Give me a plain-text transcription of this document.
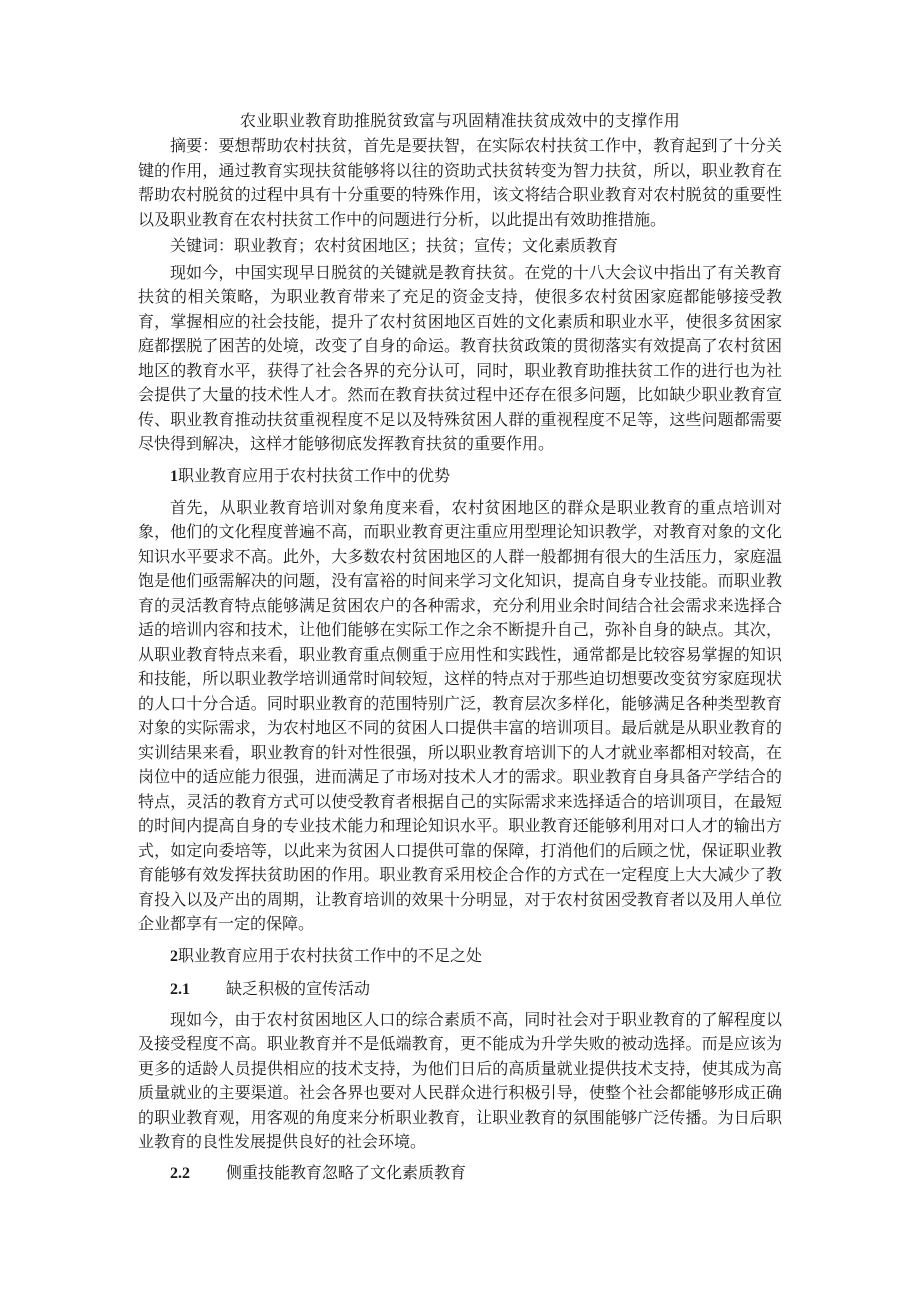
农业职业教育助推脱贫致富与巩固精准扶贫成效中的支撑作用

摘要：要想帮助农村扶贫，首先是要扶智，在实际农村扶贫工作中，教育起到了十分关键的作用，通过教育实现扶贫能够将以往的资助式扶贫转变为智力扶贫，所以，职业教育在帮助农村脱贫的过程中具有十分重要的特殊作用，该文将结合职业教育对农村脱贫的重要性以及职业教育在农村扶贫工作中的问题进行分析，以此提出有效助推措施。

关键词：职业教育；农村贫困地区；扶贫；宣传；文化素质教育

现如今，中国实现早日脱贫的关键就是教育扶贫。在党的十八大会议中指出了有关教育扶贫的相关策略，为职业教育带来了充足的资金支持，使很多农村贫困家庭都能够接受教育，掌握相应的社会技能，提升了农村贫困地区百姓的文化素质和职业水平，使很多贫困家庭都摆脱了困苦的处境，改变了自身的命运。教育扶贫政策的贯彻落实有效提高了农村贫困地区的教育水平，获得了社会各界的充分认可，同时，职业教育助推扶贫工作的进行也为社会提供了大量的技术性人才。然而在教育扶贫过程中还存在很多问题，比如缺少职业教育宣传、职业教育推动扶贫重视程度不足以及特殊贫困人群的重视程度不足等，这些问题都需要尽快得到解决，这样才能够彻底发挥教育扶贫的重要作用。

1职业教育应用于农村扶贫工作中的优势

首先，从职业教育培训对象角度来看，农村贫困地区的群众是职业教育的重点培训对象，他们的文化程度普遍不高，而职业教育更注重应用型理论知识教学，对教育对象的文化知识水平要求不高。此外，大多数农村贫困地区的人群一般都拥有很大的生活压力，家庭温饱是他们亟需解决的问题，没有富裕的时间来学习文化知识，提高自身专业技能。而职业教育的灵活教育特点能够满足贫困农户的各种需求，充分利用业余时间结合社会需求来选择合适的培训内容和技术，让他们能够在实际工作之余不断提升自己，弥补自身的缺点。其次，从职业教育特点来看，职业教育重点侧重于应用性和实践性，通常都是比较容易掌握的知识和技能，所以职业教学培训通常时间较短，这样的特点对于那些迫切想要改变贫穷家庭现状的人口十分合适。同时职业教育的范围特别广泛，教育层次多样化，能够满足各种类型教育对象的实际需求，为农村地区不同的贫困人口提供丰富的培训项目。最后就是从职业教育的实训结果来看，职业教育的针对性很强，所以职业教育培训下的人才就业率都相对较高，在岗位中的适应能力很强，进而满足了市场对技术人才的需求。职业教育自身具备产学结合的特点，灵活的教育方式可以使受教育者根据自己的实际需求来选择适合的培训项目，在最短的时间内提高自身的专业技术能力和理论知识水平。职业教育还能够利用对口人才的输出方式，如定向委培等，以此来为贫困人口提供可靠的保障，打消他们的后顾之忧，保证职业教育能够有效发挥扶贫助困的作用。职业教育采用校企合作的方式在一定程度上大大减少了教育投入以及产出的周期，让教育培训的效果十分明显，对于农村贫困受教育者以及用人单位企业都享有一定的保障。

2职业教育应用于农村扶贫工作中的不足之处
2.1 缺乏积极的宣传活动

现如今，由于农村贫困地区人口的综合素质不高，同时社会对于职业教育的了解程度以及接受程度不高。职业教育并不是低端教育，更不能成为升学失败的被动选择。而是应该为更多的适龄人员提供相应的技术支持，为他们日后的高质量就业提供技术支持，使其成为高质量就业的主要渠道。社会各界也要对人民群众进行积极引导，使整个社会都能够形成正确的职业教育观，用客观的角度来分析职业教育，让职业教育的氛围能够广泛传播。为日后职业教育的良性发展提供良好的社会环境。

2.2 侧重技能教育忽略了文化素质教育
